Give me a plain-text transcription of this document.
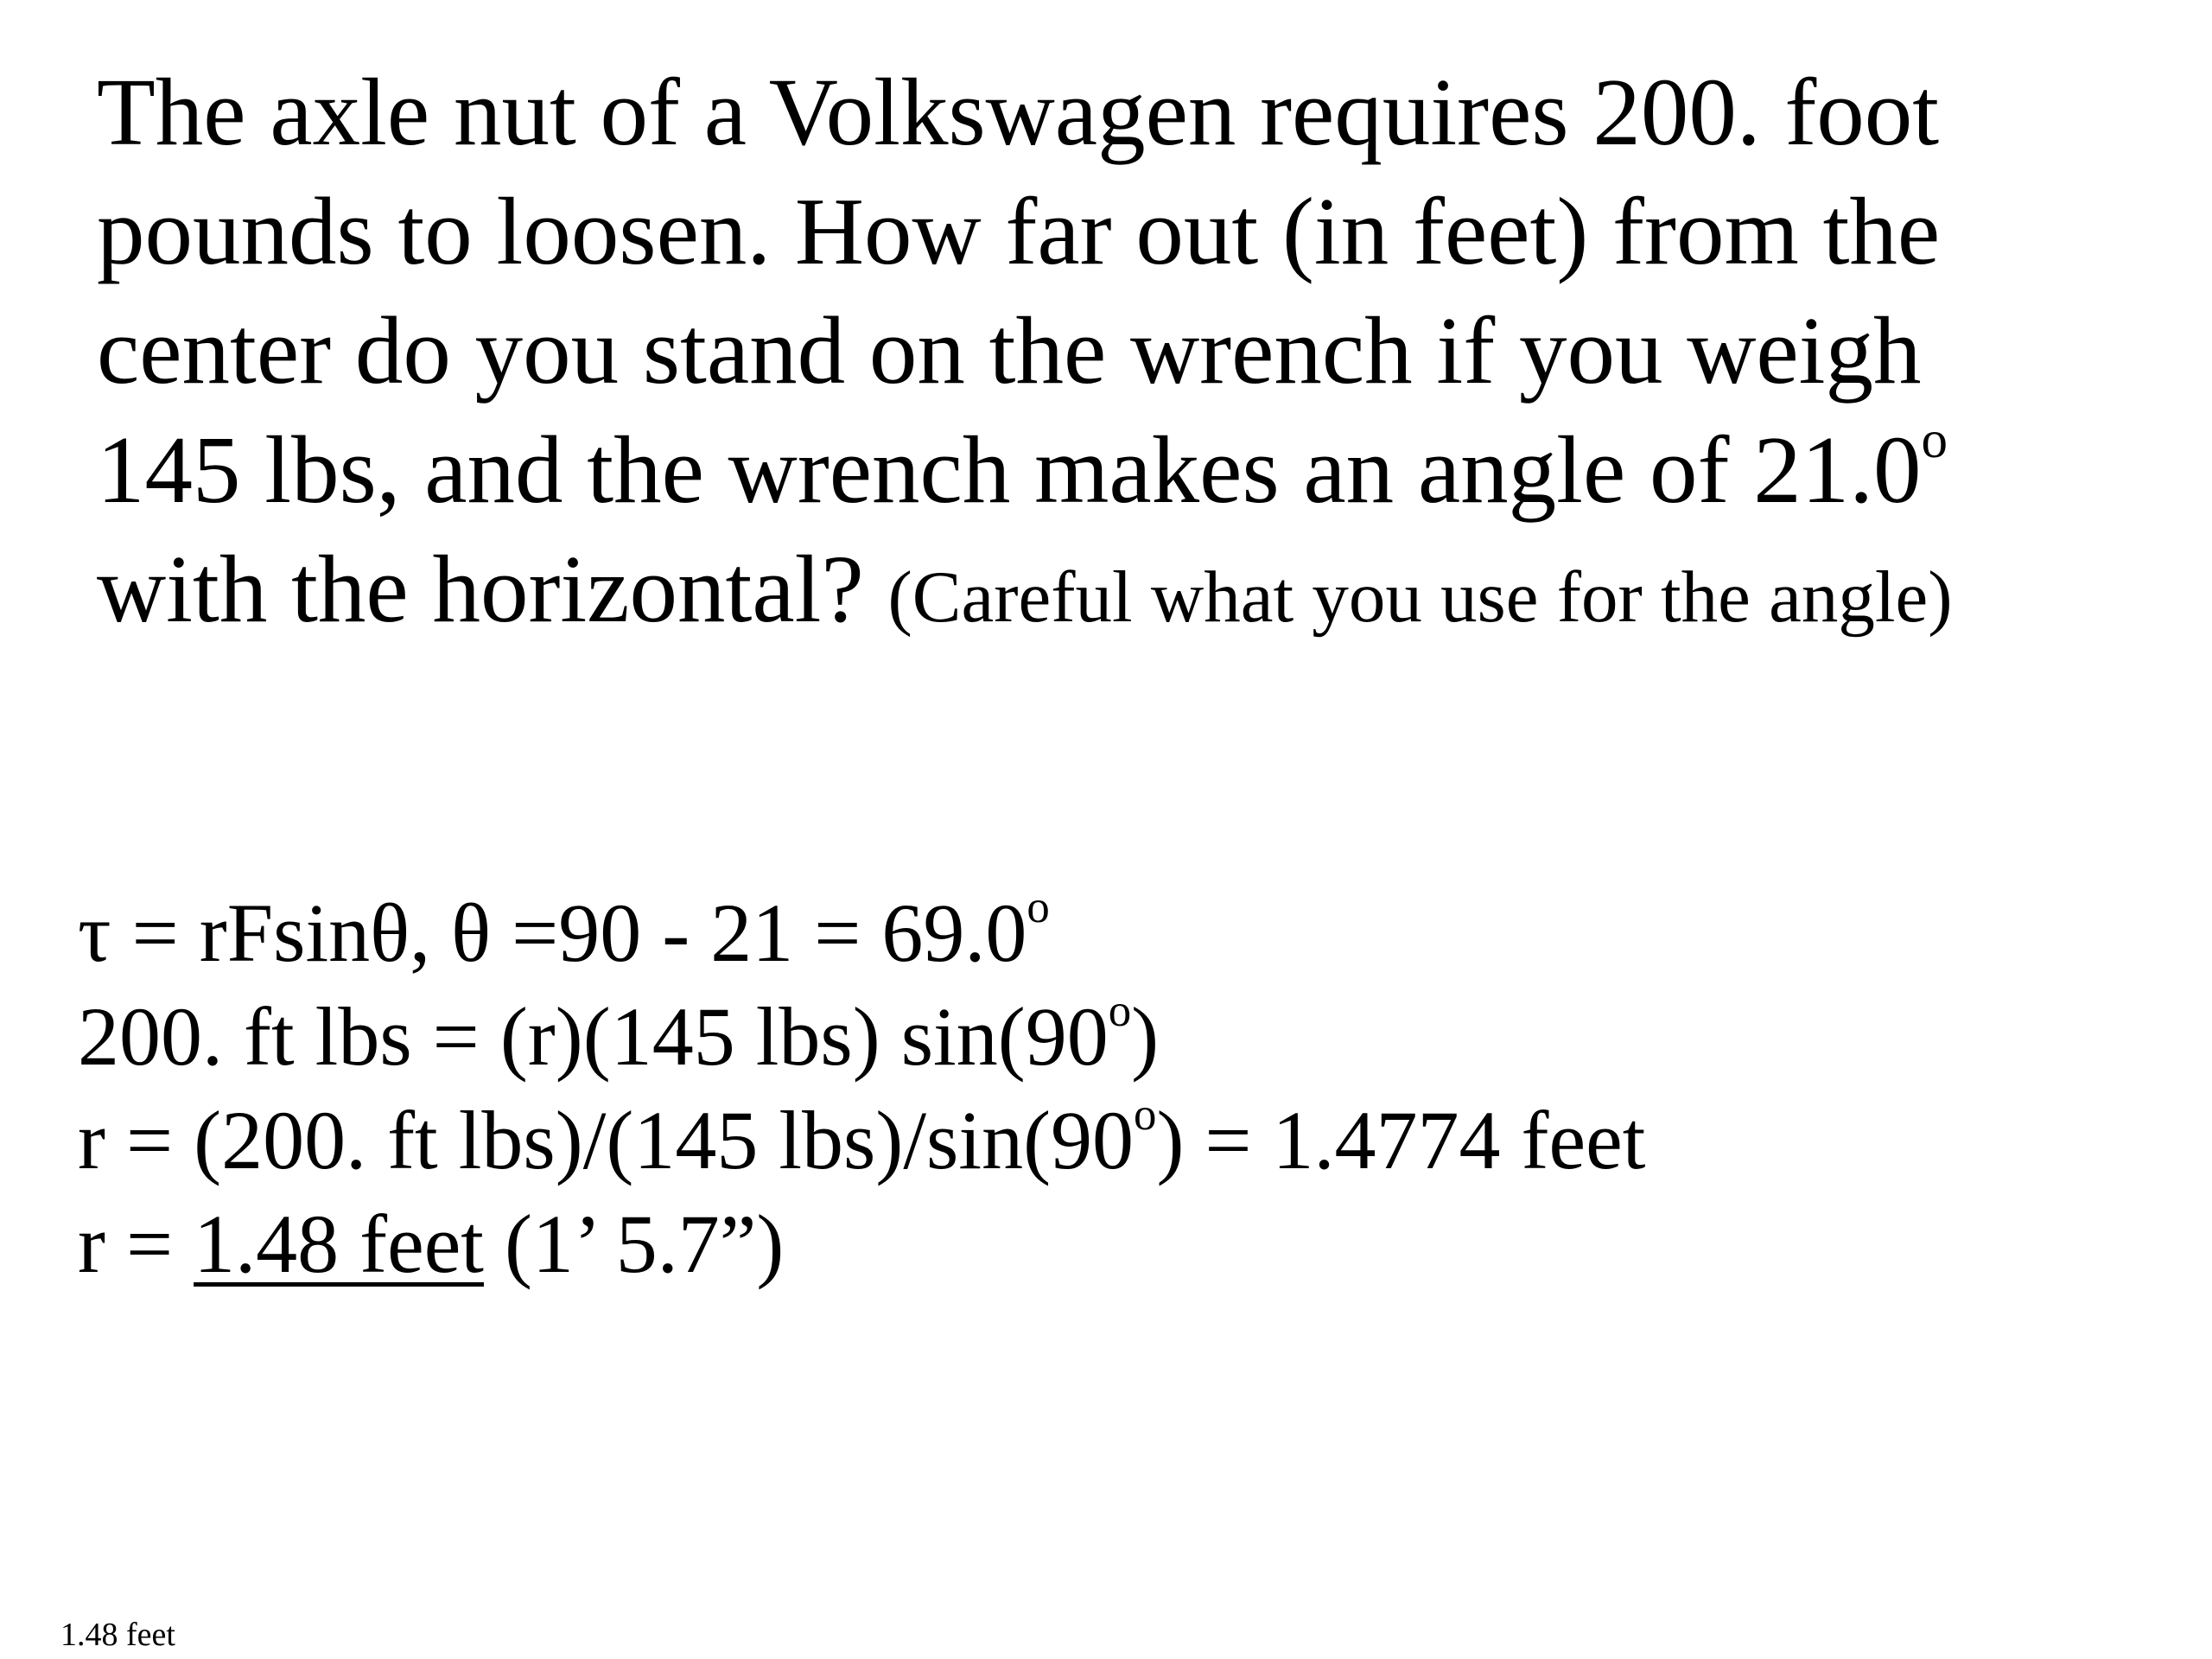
The axle nut of a Volkswagen requires 200. foot
pounds to loosen. How far out (in feet) from the
center do you stand on the wrench if you weigh
145 lbs, and the wrench makes an angle of 21.0$^o$
with the horizontal? (Careful what you use for the angle)
τ = rFsinθ, $\theta =90 - 21 = 69.0^o$
200. ft lbs = (r)(145 lbs) sin(90$^o$)
r = (200. ft lbs)/(145 $lbs)/\sin(90^o) = 1.4774$ feet
r = 1.48 feet (1’ 5.7”)
1.48 feet
